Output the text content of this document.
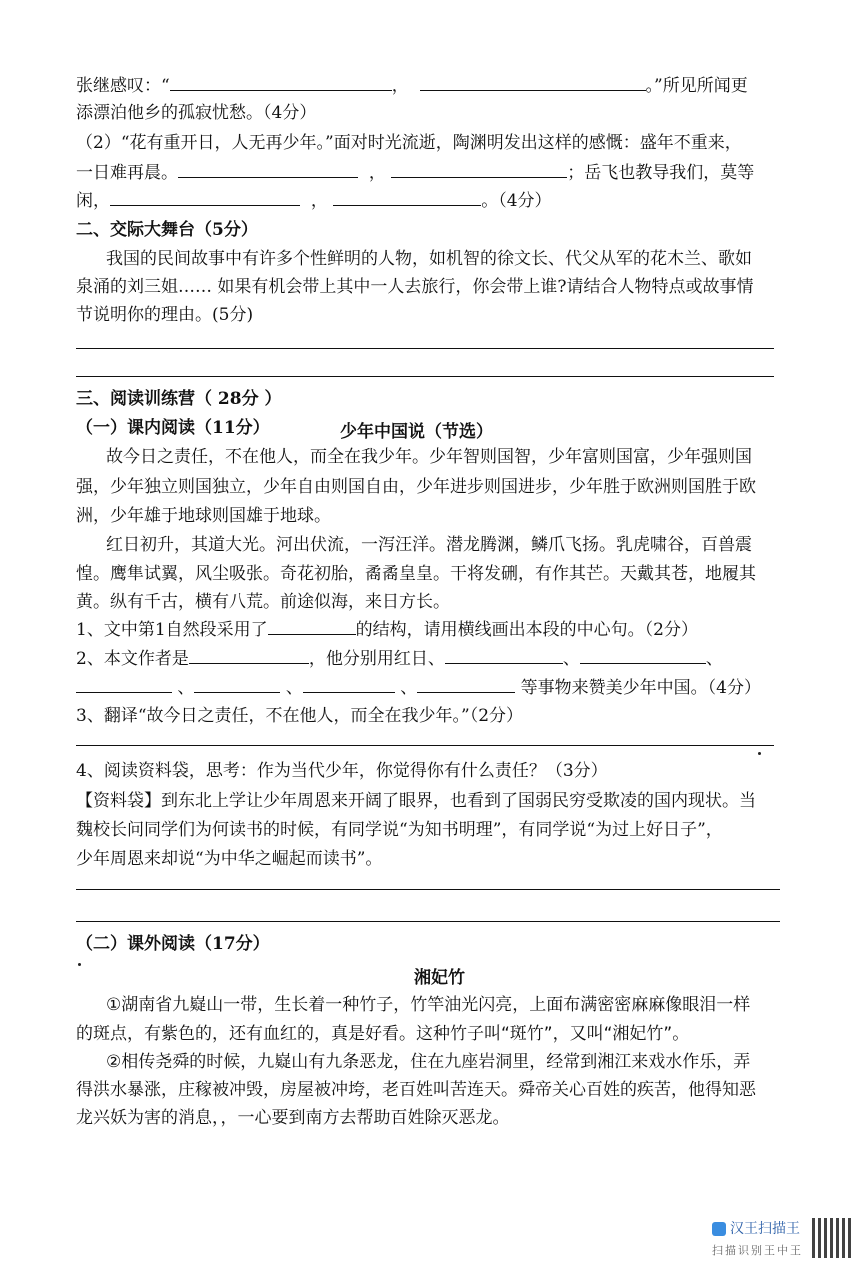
张继感叹：“	，	。”所见所闻更
添漂泊他乡的孤寂忧愁。（4分）
（2）“花有重开日，人无再少年。”面对时光流逝，陶渊明发出这样的感慨：盛年不重来，
一日难再晨。	，	；岳飞也教导我们，莫等
闲，	，	。（4分）
二、交际大舞台（5分）
我国的民间故事中有许多个性鲜明的人物，如机智的徐文长、代父从军的花木兰、歌如
泉涌的刘三姐…… 如果有机会带上其中一人去旅行，你会带上谁?请结合人物特点或故事情
节说明你的理由。(5分)
三、阅读训练营（ 28分 ）
（一）课内阅读（11分）	少年中国说（节选）
故今日之责任，不在他人，而全在我少年。少年智则国智，少年富则国富，少年强则国
强，少年独立则国独立，少年自由则国自由，少年进步则国进步，少年胜于欧洲则国胜于欧
洲，少年雄于地球则国雄于地球。
红日初升，其道大光。河出伏流，一泻汪洋。潜龙腾渊，鳞爪飞扬。乳虎啸谷，百兽震
惶。鹰隼试翼，风尘吸张。奇花初胎，矞矞皇皇。干将发硎，有作其芒。天戴其苍，地履其
黄。纵有千古，横有八荒。前途似海，来日方长。
1、文中第1自然段采用了	的结构，请用横线画出本段的中心句。（2分）
2、本文作者是	，他分别用红日、	、	、
、	、	、	等事物来赞美少年中国。（4分）
3、翻译“故今日之责任，不在他人，而全在我少年。”（2分）
4、阅读资料袋，思考：作为当代少年，你觉得你有什么责任？（3分）
【资料袋】到东北上学让少年周恩来开阔了眼界，也看到了国弱民穷受欺凌的国内现状。当
魏校长问同学们为何读书的时候，有同学说“为知书明理”，有同学说“为过上好日子”，
少年周恩来却说“为中华之崛起而读书”。
（二）课外阅读（17分）
湘妃竹
①湖南省九嶷山一带，生长着一种竹子，竹竿油光闪亮，上面布满密密麻麻像眼泪一样
的斑点，有紫色的，还有血红的，真是好看。这种竹子叫“斑竹”，又叫“湘妃竹”。
②相传尧舜的时候，九嶷山有九条恶龙，住在九座岩洞里，经常到湘江来戏水作乐，弄
得洪水暴涨，庄稼被冲毁，房屋被冲垮，老百姓叫苦连天。舜帝关心百姓的疾苦，他得知恶
龙兴妖为害的消息，，一心要到南方去帮助百姓除灭恶龙。
汉王扫描王
扫描识别王中王
